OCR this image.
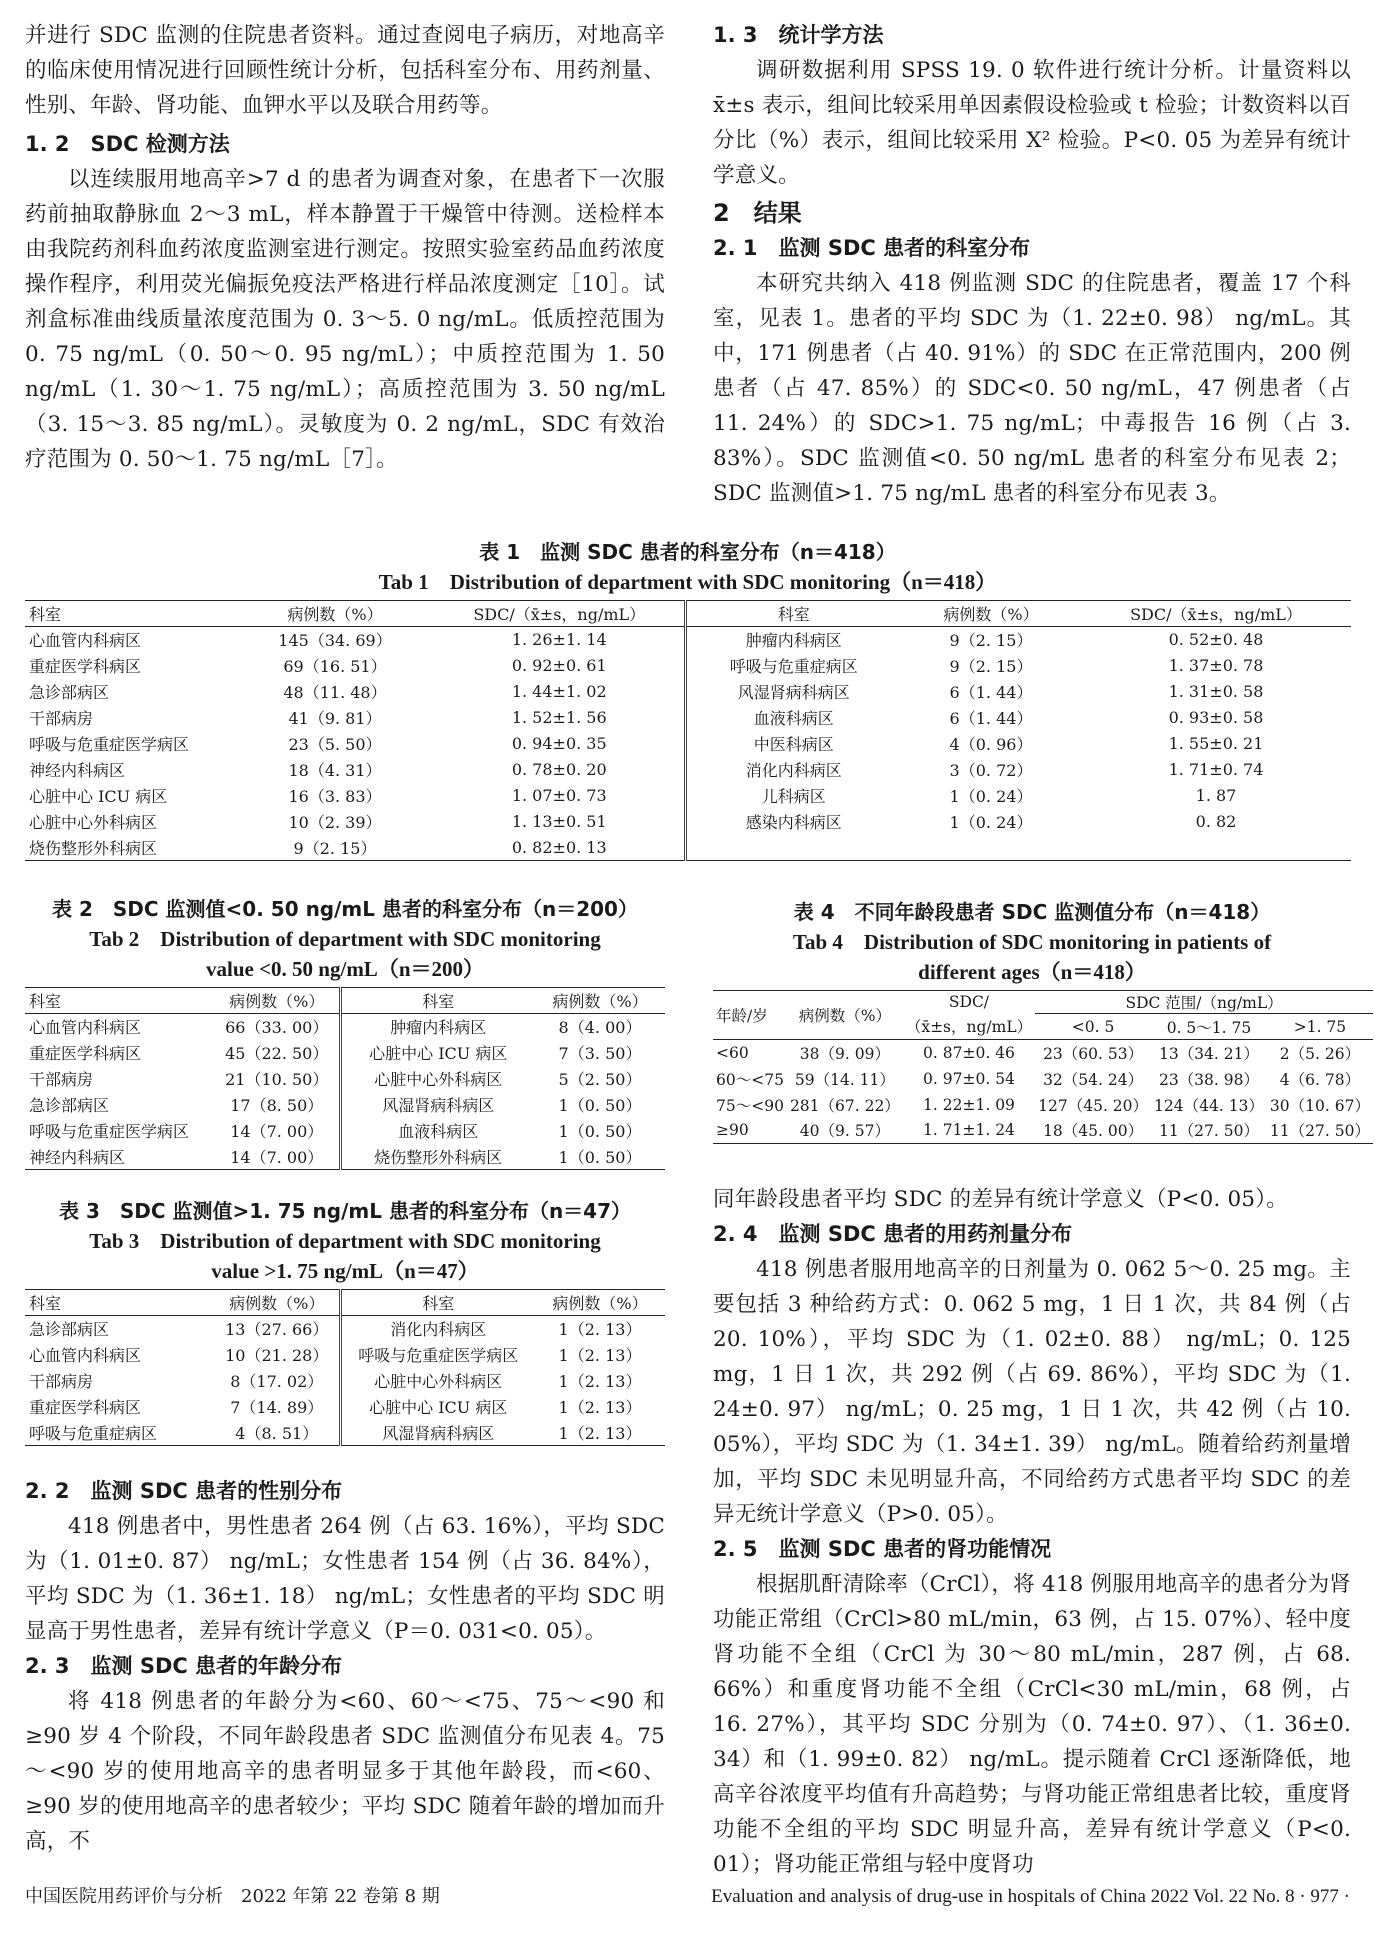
并进行 SDC 监测的住院患者资料。通过查阅电子病历，对地高辛的临床使用情况进行回顾性统计分析，包括科室分布、用药剂量、性别、年龄、肾功能、血钾水平以及联合用药等。

1. 2　SDC 检测方法

以连续服用地高辛>7 d 的患者为调查对象，在患者下一次服药前抽取静脉血 2～3 mL，样本静置于干燥管中待测。送检样本由我院药剂科血药浓度监测室进行测定。按照实验室药品血药浓度操作程序，利用荧光偏振免疫法严格进行样品浓度测定［10］。试剂盒标准曲线质量浓度范围为 0. 3～5. 0 ng/mL。低质控范围为 0. 75 ng/mL（0. 50～0. 95 ng/mL）；中质控范围为 1. 50 ng/mL（1. 30～1. 75 ng/mL）；高质控范围为 3. 50 ng/mL（3. 15～3. 85 ng/mL）。灵敏度为 0. 2 ng/mL，SDC 有效治疗范围为 0. 50～1. 75 ng/mL［7］。

1. 3　统计学方法

调研数据利用 SPSS 19. 0 软件进行统计分析。计量资料以 x̄±s 表示，组间比较采用单因素假设检验或 t 检验；计数资料以百分比（%）表示，组间比较采用 X² 检验。P<0. 05 为差异有统计学意义。

2　结果

2. 1　监测 SDC 患者的科室分布

本研究共纳入 418 例监测 SDC 的住院患者，覆盖 17 个科室，见表 1。患者的平均 SDC 为（1. 22±0. 98） ng/mL。其中，171 例患者（占 40. 91%）的 SDC 在正常范围内，200 例患者（占 47. 85%）的 SDC<0. 50 ng/mL，47 例患者（占 11. 24%）的 SDC>1. 75 ng/mL；中毒报告 16 例（占 3. 83%）。SDC 监测值<0. 50 ng/mL 患者的科室分布见表 2；SDC 监测值>1. 75 ng/mL 患者的科室分布见表 3。

表 1　监测 SDC 患者的科室分布（n＝418）
Tab 1　Distribution of department with SDC monitoring（n＝418）
科室	病例数（%）	SDC/（x̄±s，ng/mL）	科室	病例数（%）	SDC/（x̄±s，ng/mL）
心血管内科病区	145（34. 69）	1. 26±1. 14	肿瘤内科病区	9（2. 15）	0. 52±0. 48
重症医学科病区	69（16. 51）	0. 92±0. 61	呼吸与危重症病区	9（2. 15）	1. 37±0. 78
急诊部病区	48（11. 48）	1. 44±1. 02	风湿肾病科病区	6（1. 44）	1. 31±0. 58
干部病房	41（9. 81）	1. 52±1. 56	血液科病区	6（1. 44）	0. 93±0. 58
呼吸与危重症医学病区	23（5. 50）	0. 94±0. 35	中医科病区	4（0. 96）	1. 55±0. 21
神经内科病区	18（4. 31）	0. 78±0. 20	消化内科病区	3（0. 72）	1. 71±0. 74
心脏中心 ICU 病区	16（3. 83）	1. 07±0. 73	儿科病区	1（0. 24）	1. 87
心脏中心外科病区	10（2. 39）	1. 13±0. 51	感染内科病区	1（0. 24）	0. 82
烧伤整形外科病区	9（2. 15）	0. 82±0. 13			
表 2　SDC 监测值<0. 50 ng/mL 患者的科室分布（n＝200）
Tab 2　Distribution of department with SDC monitoring
value <0. 50 ng/mL（n＝200）
科室	病例数（%）	科室	病例数（%）
心血管内科病区	66（33. 00）	肿瘤内科病区	8（4. 00）
重症医学科病区	45（22. 50）	心脏中心 ICU 病区	7（3. 50）
干部病房	21（10. 50）	心脏中心外科病区	5（2. 50）
急诊部病区	17（8. 50）	风湿肾病科病区	1（0. 50）
呼吸与危重症医学病区	14（7. 00）	血液科病区	1（0. 50）
神经内科病区	14（7. 00）	烧伤整形外科病区	1（0. 50）
表 3　SDC 监测值>1. 75 ng/mL 患者的科室分布（n＝47）
Tab 3　Distribution of department with SDC monitoring
value >1. 75 ng/mL（n＝47）
科室	病例数（%）	科室	病例数（%）
急诊部病区	13（27. 66）	消化内科病区	1（2. 13）
心血管内科病区	10（21. 28）	呼吸与危重症医学病区	1（2. 13）
干部病房	8（17. 02）	心脏中心外科病区	1（2. 13）
重症医学科病区	7（14. 89）	心脏中心 ICU 病区	1（2. 13）
呼吸与危重症病区	4（8. 51）	风湿肾病科病区	1（2. 13）

2. 2　监测 SDC 患者的性别分布

418 例患者中，男性患者 264 例（占 63. 16%），平均 SDC 为（1. 01±0. 87） ng/mL；女性患者 154 例（占 36. 84%），平均 SDC 为（1. 36±1. 18） ng/mL；女性患者的平均 SDC 明显高于男性患者，差异有统计学意义（P＝0. 031<0. 05）。

2. 3　监测 SDC 患者的年龄分布

将 418 例患者的年龄分为<60、60～<75、75～<90 和≥90 岁 4 个阶段，不同年龄段患者 SDC 监测值分布见表 4。75～<90 岁的使用地高辛的患者明显多于其他年龄段，而<60、≥90 岁的使用地高辛的患者较少；平均 SDC 随着年龄的增加而升高，不

表 4　不同年龄段患者 SDC 监测值分布（n＝418）
Tab 4　Distribution of SDC monitoring in patients of
different ages（n＝418）
年龄/岁	病例数（%）	SDC/	SDC 范围/（ng/mL）		
		（x̄±s，ng/mL）	<0. 5	0. 5～1. 75	>1. 75
<60	38（9. 09）	0. 87±0. 46	23（60. 53）	13（34. 21）	2（5. 26）
60～<75	59（14. 11）	0. 97±0. 54	32（54. 24）	23（38. 98）	4（6. 78）
75～<90	281（67. 22）	1. 22±1. 09	127（45. 20）	124（44. 13）	30（10. 67）
≥90	40（9. 57）	1. 71±1. 24	18（45. 00）	11（27. 50）	11（27. 50）

同年龄段患者平均 SDC 的差异有统计学意义（P<0. 05）。

2. 4　监测 SDC 患者的用药剂量分布

418 例患者服用地高辛的日剂量为 0. 062 5～0. 25 mg。主要包括 3 种给药方式：0. 062 5 mg，1 日 1 次，共 84 例（占 20. 10%），平均 SDC 为（1. 02±0. 88） ng/mL；0. 125 mg，1 日 1 次，共 292 例（占 69. 86%），平均 SDC 为（1. 24±0. 97） ng/mL；0. 25 mg，1 日 1 次，共 42 例（占 10. 05%），平均 SDC 为（1. 34±1. 39） ng/mL。随着给药剂量增加，平均 SDC 未见明显升高，不同给药方式患者平均 SDC 的差异无统计学意义（P>0. 05）。

2. 5　监测 SDC 患者的肾功能情况

根据肌酐清除率（CrCl），将 418 例服用地高辛的患者分为肾功能正常组（CrCl>80 mL/min，63 例，占 15. 07%）、轻中度肾功能不全组（CrCl 为 30～80 mL/min，287 例，占 68. 66%）和重度肾功能不全组（CrCl<30 mL/min，68 例，占 16. 27%），其平均 SDC 分别为（0. 74±0. 97）、（1. 36±0. 34）和（1. 99±0. 82） ng/mL。提示随着 CrCl 逐渐降低，地高辛谷浓度平均值有升高趋势；与肾功能正常组患者比较，重度肾功能不全组的平均 SDC 明显升高，差异有统计学意义（P<0. 01）；肾功能正常组与轻中度肾功

中国医院用药评价与分析　2022 年第 22 卷第 8 期	Evaluation and analysis of drug-use in hospitals of China 2022 Vol. 22 No. 8 · 977 ·
